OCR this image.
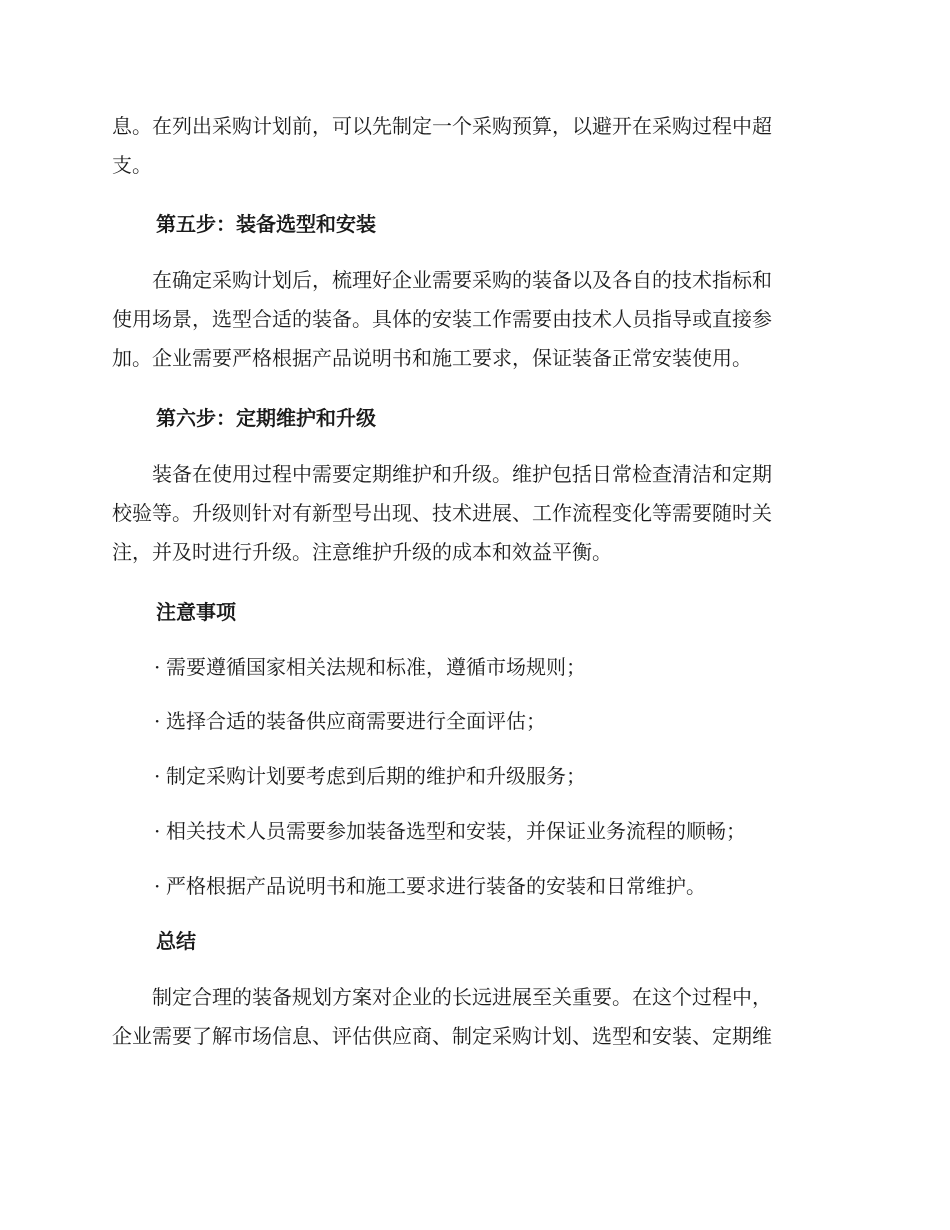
息。在列出采购计划前，可以先制定一个采购预算，以避开在采购过程中超
支。

第五步：装备选型和安装

　　在确定采购计划后，梳理好企业需要采购的装备以及各自的技术指标和
使用场景，选型合适的装备。具体的安装工作需要由技术人员指导或直接参
加。企业需要严格根据产品说明书和施工要求，保证装备正常安装使用。

第六步：定期维护和升级

　　装备在使用过程中需要定期维护和升级。维护包括日常检查清洁和定期
校验等。升级则针对有新型号出现、技术进展、工作流程变化等需要随时关
注，并及时进行升级。注意维护升级的成本和效益平衡。

注意事项

· 需要遵循国家相关法规和标准，遵循市场规则；

· 选择合适的装备供应商需要进行全面评估；

· 制定采购计划要考虑到后期的维护和升级服务；

· 相关技术人员需要参加装备选型和安装，并保证业务流程的顺畅；

· 严格根据产品说明书和施工要求进行装备的安装和日常维护。

总结

　　制定合理的装备规划方案对企业的长远进展至关重要。在这个过程中，
企业需要了解市场信息、评估供应商、制定采购计划、选型和安装、定期维
